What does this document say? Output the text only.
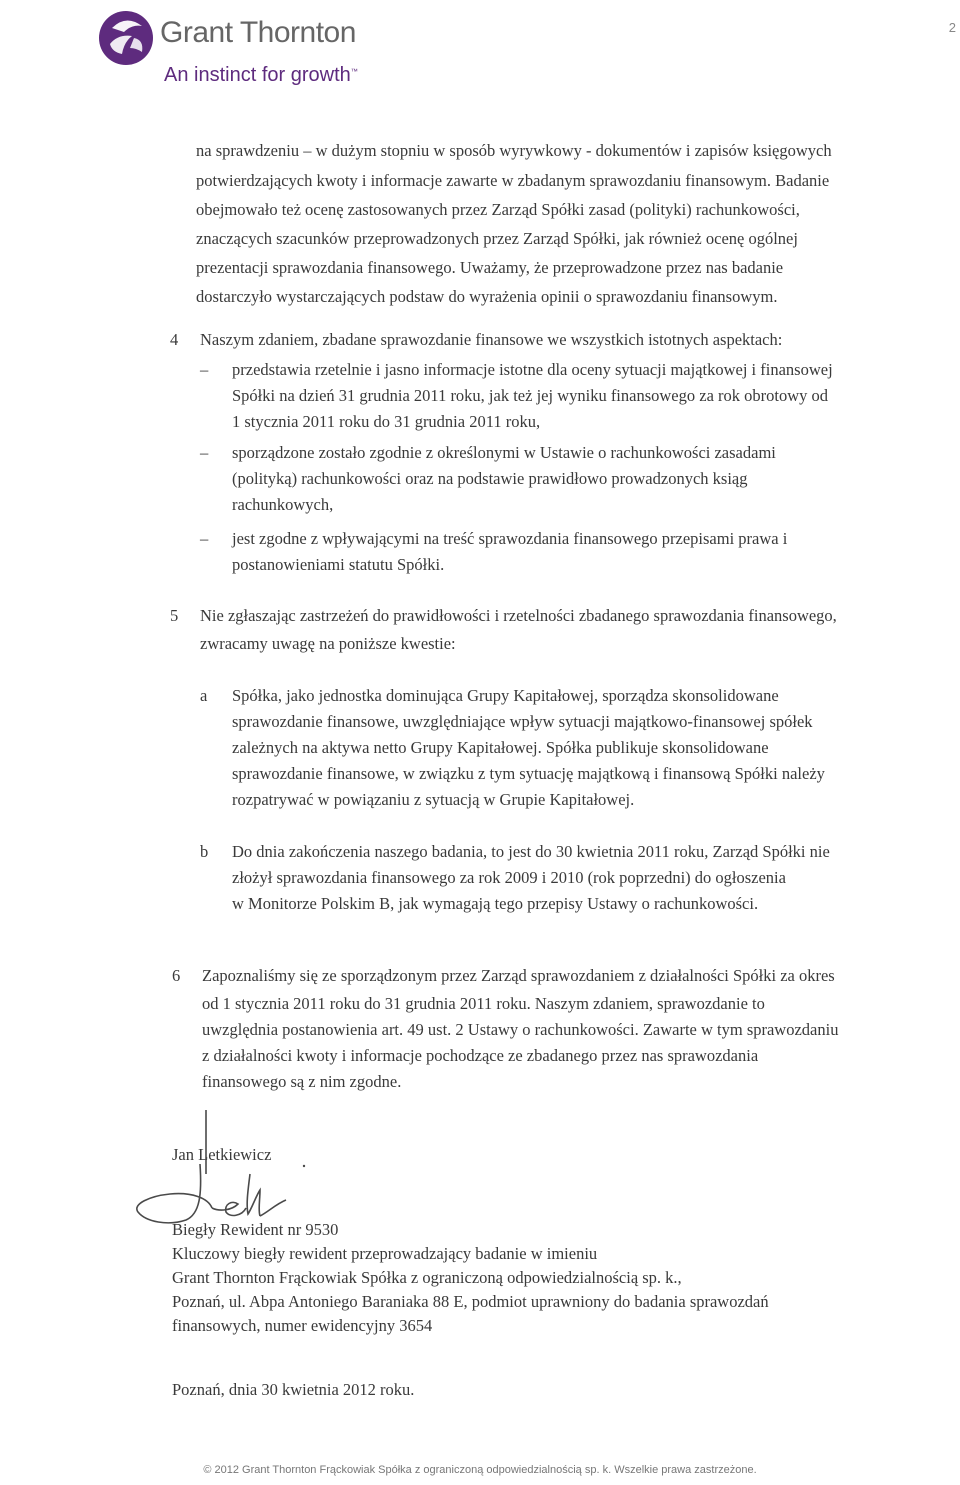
Grant Thornton
An instinct for growth™
2
na sprawdzeniu – w dużym stopniu w sposób wyrywkowy - dokumentów i zapisów księgowych
potwierdzających kwoty i informacje zawarte w zbadanym sprawozdaniu finansowym. Badanie
obejmowało też ocenę zastosowanych przez Zarząd Spółki zasad (polityki) rachunkowości,
znaczących szacunków przeprowadzonych przez Zarząd Spółki, jak również ocenę ogólnej
prezentacji sprawozdania finansowego. Uważamy, że przeprowadzone przez nas badanie
dostarczyło wystarczających podstaw do wyrażenia opinii o sprawozdaniu finansowym.
4 Naszym zdaniem, zbadane sprawozdanie finansowe we wszystkich istotnych aspektach:
– przedstawia rzetelnie i jasno informacje istotne dla oceny sytuacji majątkowej i finansowej
Spółki na dzień 31 grudnia 2011 roku, jak też jej wyniku finansowego za rok obrotowy od
1 stycznia 2011 roku do 31 grudnia 2011 roku,
– sporządzone zostało zgodnie z określonymi w Ustawie o rachunkowości zasadami
(polityką) rachunkowości oraz na podstawie prawidłowo prowadzonych ksiąg
rachunkowych,
– jest zgodne z wpływającymi na treść sprawozdania finansowego przepisami prawa i
postanowieniami statutu Spółki.
5 Nie zgłaszając zastrzeżeń do prawidłowości i rzetelności zbadanego sprawozdania finansowego,
zwracamy uwagę na poniższe kwestie:
a Spółka, jako jednostka dominująca Grupy Kapitałowej, sporządza skonsolidowane
sprawozdanie finansowe, uwzględniające wpływ sytuacji majątkowo-finansowej spółek
zależnych na aktywa netto Grupy Kapitałowej. Spółka publikuje skonsolidowane
sprawozdanie finansowe, w związku z tym sytuację majątkową i finansową Spółki należy
rozpatrywać w powiązaniu z sytuacją w Grupie Kapitałowej.
b Do dnia zakończenia naszego badania, to jest do 30 kwietnia 2011 roku, Zarząd Spółki nie
złożył sprawozdania finansowego za rok 2009 i 2010 (rok poprzedni) do ogłoszenia
w Monitorze Polskim B, jak wymagają tego przepisy Ustawy o rachunkowości.
6 Zapoznaliśmy się ze sporządzonym przez Zarząd sprawozdaniem z działalności Spółki za okres
od 1 stycznia 2011 roku do 31 grudnia 2011 roku. Naszym zdaniem, sprawozdanie to
uwzględnia postanowienia art. 49 ust. 2 Ustawy o rachunkowości. Zawarte w tym sprawozdaniu
z działalności kwoty i informacje pochodzące ze zbadanego przez nas sprawozdania
finansowego są z nim zgodne.
Jan Letkiewicz
Biegły Rewident nr 9530
Kluczowy biegły rewident przeprowadzający badanie w imieniu
Grant Thornton Frąckowiak Spółka z ograniczoną odpowiedzialnością sp. k.,
Poznań, ul. Abpa Antoniego Baraniaka 88 E, podmiot uprawniony do badania sprawozdań
finansowych, numer ewidencyjny 3654
Poznań, dnia 30 kwietnia 2012 roku.
© 2012 Grant Thornton Frąckowiak Spółka z ograniczoną odpowiedzialnością sp. k. Wszelkie prawa zastrzeżone.
